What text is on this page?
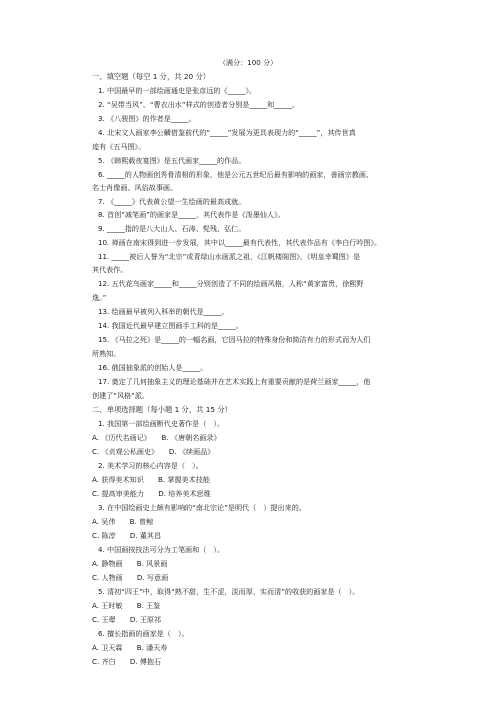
（满分：100 分）
一、填空题（每空 1 分，共 20 分）
1. 中国最早的一部绘画通史是张彦远的《_____》。
2. “吴带当风”、“曹衣出水”样式的创造者分别是_____和_____。
3. 《八骏图》的作者是_____。
4. 北宋文人画家李公麟借鉴前代的“_____”发展为更具表现力的“_____”，其传世真
迹有《五马图》。
5. 《韩熙载夜宴图》是五代画家_____的作品。
6. _____的人物画创秀骨清相的形象，他是公元五世纪后最有影响的画家，善画宗教画、
名士肖像画、风俗故事画。
7. 《_____》代表黄公望一生绘画的最高成就。
8. 首创“减笔画”的画家是_____，其代表作是《泼墨仙人》。
9. _____指的是八大山人、石涛、髡残、弘仁。
10. 禅画在南宋得到进一步发展，其中以_____最有代表性，其代表作品有《李白行吟图》。
11. _____被后人誉为“北宗”或青绿山水画派之祖，《江帆楼阁图》、《明皇幸蜀图》是
其代表作。
12. 五代花鸟画家_____和_____分别创造了不同的绘画风格，人称“黄家富贵，徐熙野
逸。”
13. 绘画最早被列入科举的朝代是_____。
14. 我国近代最早建立图画手工科的是_____。
15. 《马拉之死》是_____的一幅名画，它因马拉的特殊身份和简洁有力的形式而为人们
所熟知。
16. 俄国抽象派的创始人是_____。
17. 奠定了几何抽象主义的理论基础并在艺术实践上有重要贡献的是荷兰画家_____，他
创建了“风格”派。
二、单项选择题（每小题 1 分，共 15 分）
1. 我国第一部绘画断代史著作是（　）。
A. 《历代名画记》　　B. 《唐朝名画录》
C. 《贞观公私画史》　　D. 《续画品》
2. 美术学习的核心内容是（　）。
A. 获得美术知识　　B. 掌握美术技能
C. 提高审美能力　　D. 培养美术思维
3. 在中国绘画史上颇有影响的“南北宗论”是明代（　）提出来的。
A. 吴伟　　B. 曾鲸
C. 陈淳　　D. 董其昌
4. 中国画按技法可分为工笔画和（　）。
A. 静物画　　B. 风景画
C. 人物画　　D. 写意画
5. 清初“四王”中，取得“熟不甜，生不涩，淡而厚，实而清”的收获的画家是（　）。
A. 王时敏　　B. 王鉴
C. 王翚　　D. 王原祁
6. 擅长指画的画家是（　）。
A. 卫天霖　　B. 潘天寿
C. 齐白　　D. 傅抱石
